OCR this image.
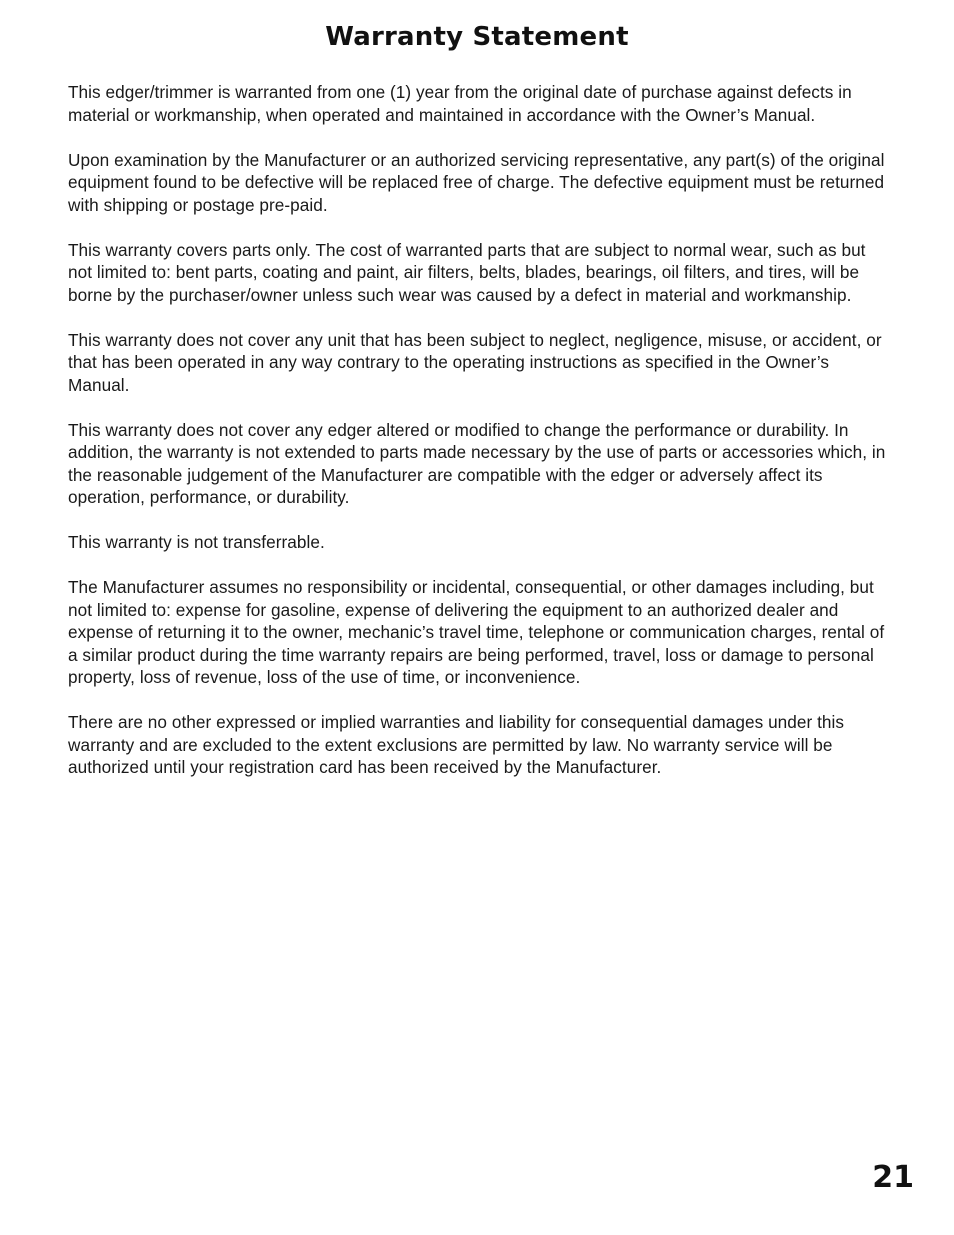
Warranty Statement

This edger/trimmer is warranted from one (1) year from the original date of purchase against defects in material or workmanship, when operated and maintained in accordance with the Owner’s Manual.

Upon examination by the Manufacturer or an authorized servicing representative, any part(s) of the original equipment found to be defective will be replaced free of charge. The defective equipment must be returned with shipping or postage pre-paid.

This warranty covers parts only. The cost of warranted parts that are subject to normal wear, such as but not limited to: bent parts, coating and paint, air filters, belts, blades, bearings, oil filters, and tires, will be borne by the purchaser/owner unless such wear was caused by a defect in material and workmanship.

This warranty does not cover any unit that has been subject to neglect, negligence, misuse, or accident, or that has been operated in any way contrary to the operating instructions as specified in the Owner’s Manual.

This warranty does not cover any edger altered or modified to change the performance or durability. In addition, the warranty is not extended to parts made necessary by the use of parts or accessories which, in the reasonable judgement of the Manufacturer are compatible with the edger or adversely affect its operation, performance, or durability.

This warranty is not transferrable.

The Manufacturer assumes no responsibility or incidental, consequential, or other damages including, but not limited to: expense for gasoline, expense of delivering the equipment to an authorized dealer and expense of returning it to the owner, mechanic’s travel time, telephone or communication charges, rental of a similar product during the time warranty repairs are being performed, travel, loss or damage to personal property, loss of revenue, loss of the use of time, or inconvenience.

There are no other expressed or implied warranties and liability for consequential damages under this warranty and are excluded to the extent exclusions are permitted by law. No warranty service will be authorized until your registration card has been received by the Manufacturer.

21
